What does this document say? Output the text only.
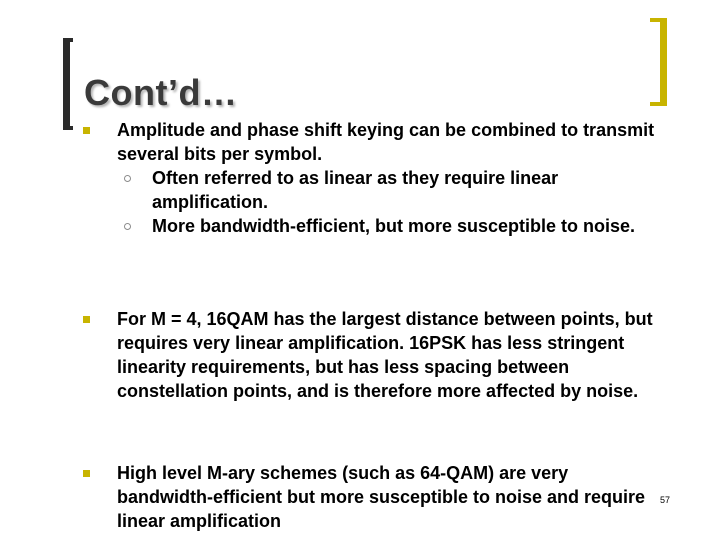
Cont’d…
Amplitude and phase shift keying can be combined to transmit several bits per symbol.
Often referred to as linear as they require linear amplification.
More bandwidth-efficient, but more susceptible to noise.
For M = 4, 16QAM has the largest distance between points, but requires very linear amplification. 16PSK has less stringent linearity requirements, but has less spacing between constellation points, and is therefore more affected by noise.
High level M-ary schemes (such as 64-QAM) are very bandwidth-efficient but more susceptible to noise and require linear amplification
57
